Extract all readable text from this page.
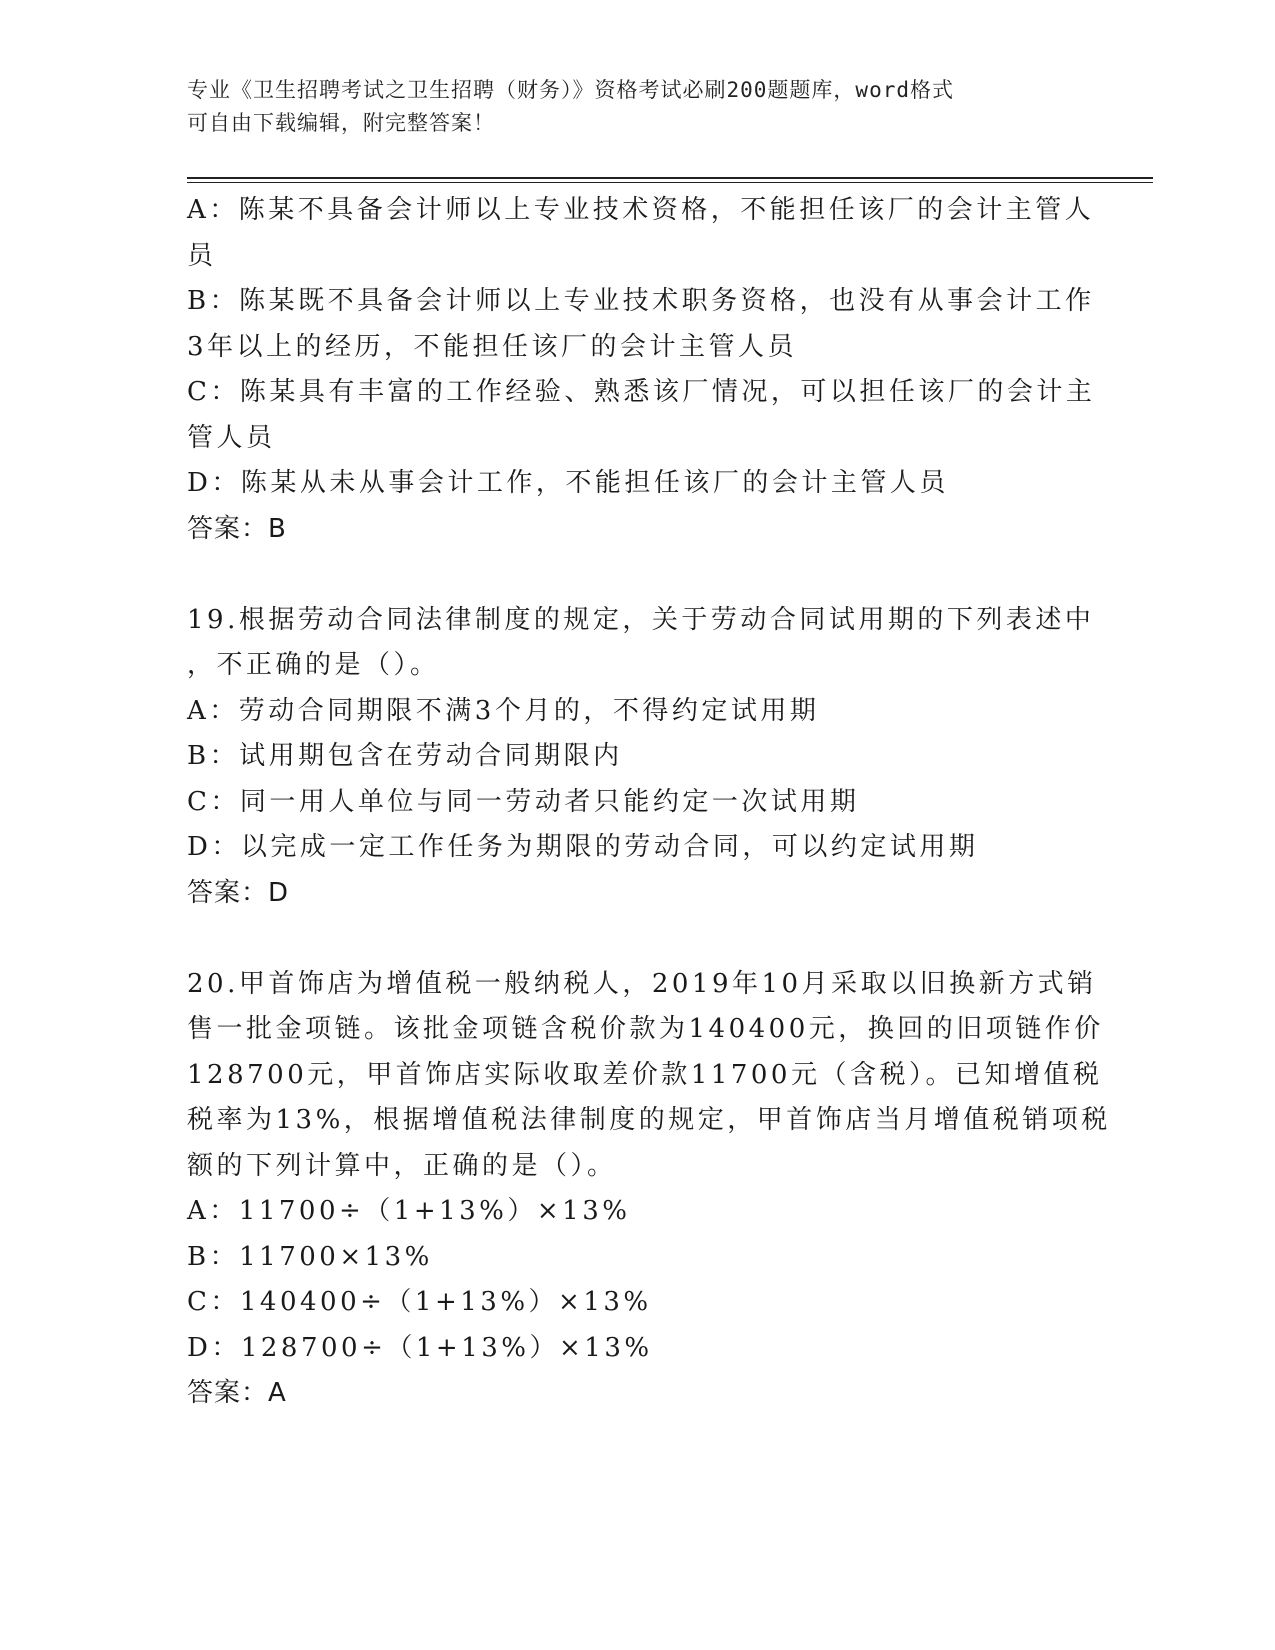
专业《卫生招聘考试之卫生招聘（财务）》资格考试必刷200题题库，word格式
可自由下载编辑，附完整答案！
A：陈某不具备会计师以上专业技术资格，不能担任该厂的会计主管人
员
B：陈某既不具备会计师以上专业技术职务资格，也没有从事会计工作
3年以上的经历，不能担任该厂的会计主管人员
C：陈某具有丰富的工作经验、熟悉该厂情况，可以担任该厂的会计主
管人员
D：陈某从未从事会计工作，不能担任该厂的会计主管人员
答案：B
19.根据劳动合同法律制度的规定，关于劳动合同试用期的下列表述中
，不正确的是（）。
A：劳动合同期限不满3个月的，不得约定试用期
B：试用期包含在劳动合同期限内
C：同一用人单位与同一劳动者只能约定一次试用期
D：以完成一定工作任务为期限的劳动合同，可以约定试用期
答案：D
20.甲首饰店为增值税一般纳税人，2019年10月采取以旧换新方式销
售一批金项链。该批金项链含税价款为140400元，换回的旧项链作价
128700元，甲首饰店实际收取差价款11700元（含税）。已知增值税
税率为13%，根据增值税法律制度的规定，甲首饰店当月增值税销项税
额的下列计算中，正确的是（）。
A：11700÷（1+13%）×13%
B：11700×13%
C：140400÷（1+13%）×13%
D：128700÷（1+13%）×13%
答案：A
